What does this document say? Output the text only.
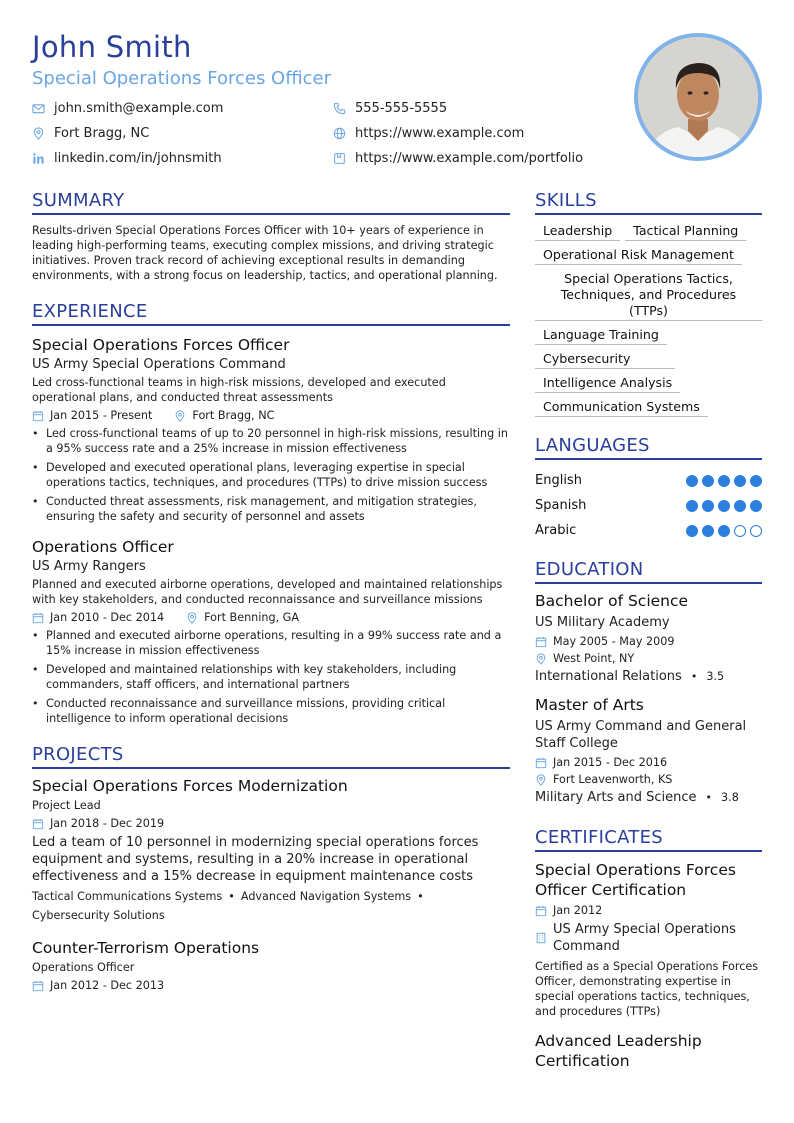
John Smith
Special Operations Forces Officer
john.smith@example.com	555-555-5555
Fort Bragg, NC	https://www.example.com
linkedin.com/in/johnsmith	https://www.example.com/portfolio
SUMMARY
Results-driven Special Operations Forces Officer with 10+ years of experience in leading high-performing teams, executing complex missions, and driving strategic initiatives. Proven track record of achieving exceptional results in demanding environments, with a strong focus on leadership, tactics, and operational planning.
EXPERIENCE
Special Operations Forces Officer
US Army Special Operations Command
Led cross-functional teams in high-risk missions, developed and executed operational plans, and conducted threat assessments
Jan 2015 - Present	Fort Bragg, NC
• Led cross-functional teams of up to 20 personnel in high-risk missions, resulting in a 95% success rate and a 25% increase in mission effectiveness
• Developed and executed operational plans, leveraging expertise in special operations tactics, techniques, and procedures (TTPs) to drive mission success
• Conducted threat assessments, risk management, and mitigation strategies, ensuring the safety and security of personnel and assets
Operations Officer
US Army Rangers
Planned and executed airborne operations, developed and maintained relationships with key stakeholders, and conducted reconnaissance and surveillance missions
Jan 2010 - Dec 2014	Fort Benning, GA
• Planned and executed airborne operations, resulting in a 99% success rate and a 15% increase in mission effectiveness
• Developed and maintained relationships with key stakeholders, including commanders, staff officers, and international partners
• Conducted reconnaissance and surveillance missions, providing critical intelligence to inform operational decisions
PROJECTS
Special Operations Forces Modernization
Project Lead
Jan 2018 - Dec 2019
Led a team of 10 personnel in modernizing special operations forces equipment and systems, resulting in a 20% increase in operational effectiveness and a 15% decrease in equipment maintenance costs
Tactical Communications Systems • Advanced Navigation Systems •
Cybersecurity Solutions
Counter-Terrorism Operations
Operations Officer
Jan 2012 - Dec 2013
SKILLS
Leadership	Tactical Planning
Operational Risk Management
Special Operations Tactics, Techniques, and Procedures (TTPs)
Language Training
Cybersecurity
Intelligence Analysis
Communication Systems
LANGUAGES
English
Spanish
Arabic
EDUCATION
Bachelor of Science
US Military Academy
May 2005 - May 2009
West Point, NY
International Relations • 3.5
Master of Arts
US Army Command and General Staff College
Jan 2015 - Dec 2016
Fort Leavenworth, KS
Military Arts and Science • 3.8
CERTIFICATES
Special Operations Forces Officer Certification
Jan 2012
US Army Special Operations Command
Certified as a Special Operations Forces Officer, demonstrating expertise in special operations tactics, techniques, and procedures (TTPs)
Advanced Leadership Certification
